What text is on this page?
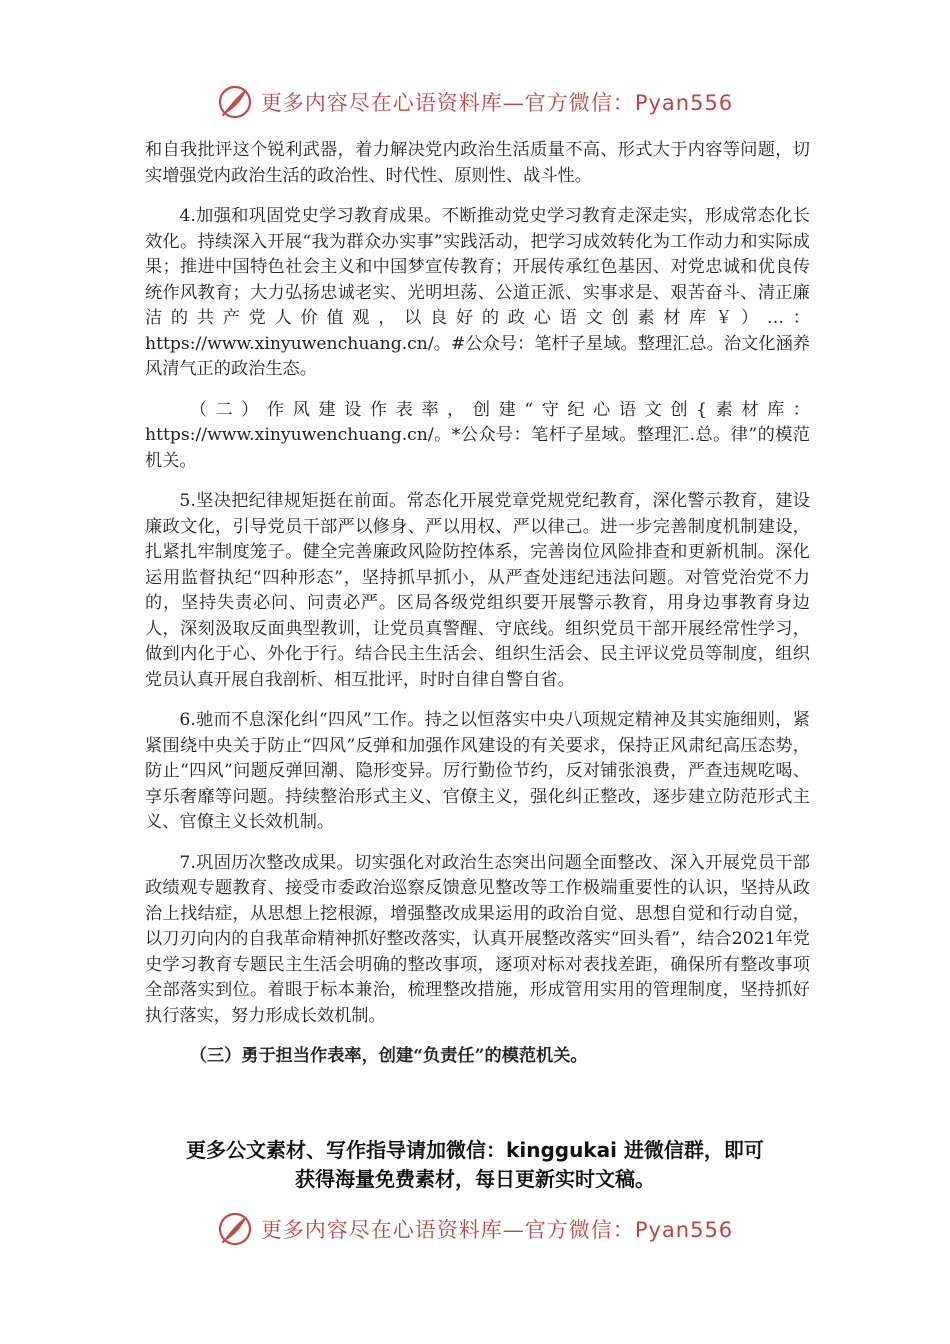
更多内容尽在心语资料库—官方微信：Pyan556

和自我批评这个锐利武器，着力解决党内政治生活质量不高、形式大于内容等问题，切实增强党内政治生活的政治性、时代性、原则性、战斗性。

4.加强和巩固党史学习教育成果。不断推动党史学习教育走深走实，形成常态化长效化。持续深入开展“我为群众办实事”实践活动，把学习成效转化为工作动力和实际成果；推进中国特色社会主义和中国梦宣传教育；开展传承红色基因、对党忠诚和优良传统作风教育；大力弘扬忠诚老实、光明坦荡、公道正派、实事求是、艰苦奋斗、清正廉洁的共产党人价值观，以良好的政心语文创素材库￥）…：https://www.xinyuwenchuang.cn/。#公众号：笔杆子星域。整理汇总。治文化涵养风清气正的政治生态。

（二）作风建设作表率，创建“守纪心语文创{素材库：https://www.xinyuwenchuang.cn/。*公众号：笔杆子星域。整理汇.总。律”的模范机关。

5.坚决把纪律规矩挺在前面。常态化开展党章党规党纪教育，深化警示教育，建设廉政文化，引导党员干部严以修身、严以用权、严以律己。进一步完善制度机制建设，扎紧扎牢制度笼子。健全完善廉政风险防控体系，完善岗位风险排查和更新机制。深化运用监督执纪“四种形态”，坚持抓早抓小，从严查处违纪违法问题。对管党治党不力的，坚持失责必问、问责必严。区局各级党组织要开展警示教育，用身边事教育身边人，深刻汲取反面典型教训，让党员真警醒、守底线。组织党员干部开展经常性学习，做到内化于心、外化于行。结合民主生活会、组织生活会、民主评议党员等制度，组织党员认真开展自我剖析、相互批评，时时自律自警自省。

6.驰而不息深化纠“四风”工作。持之以恒落实中央八项规定精神及其实施细则，紧紧围绕中央关于防止“四风”反弹和加强作风建设的有关要求，保持正风肃纪高压态势，防止“四风”问题反弹回潮、隐形变异。厉行勤俭节约，反对铺张浪费，严查违规吃喝、享乐奢靡等问题。持续整治形式主义、官僚主义，强化纠正整改，逐步建立防范形式主义、官僚主义长效机制。

7.巩固历次整改成果。切实强化对政治生态突出问题全面整改、深入开展党员干部政绩观专题教育、接受市委政治巡察反馈意见整改等工作极端重要性的认识，坚持从政治上找结症，从思想上挖根源，增强整改成果运用的政治自觉、思想自觉和行动自觉，以刀刃向内的自我革命精神抓好整改落实，认真开展整改落实“回头看”，结合2021年党史学习教育专题民主生活会明确的整改事项，逐项对标对表找差距，确保所有整改事项全部落实到位。着眼于标本兼治，梳理整改措施，形成管用实用的管理制度，坚持抓好执行落实，努力形成长效机制。

（三）勇于担当作表率，创建“负责任”的模范机关。

更多公文素材、写作指导请加微信：kinggukai 进微信群，即可
获得海量免费素材，每日更新实时文稿。
更多内容尽在心语资料库—官方微信：Pyan556
